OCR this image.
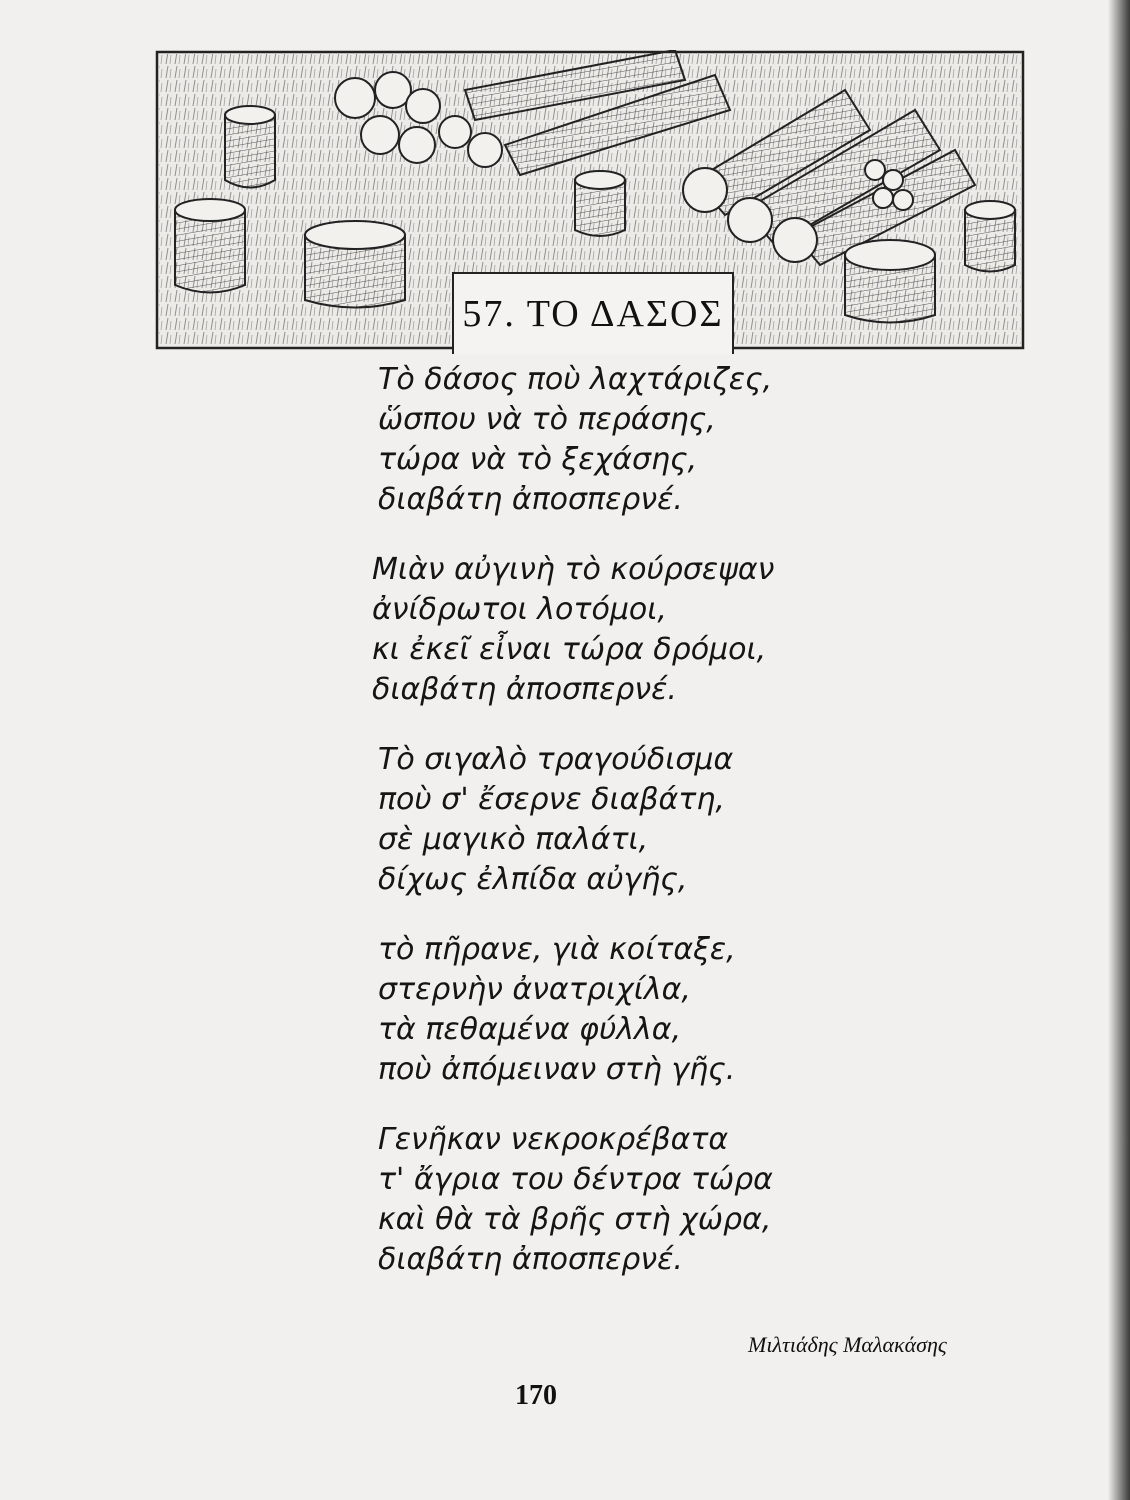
57. ΤΟ ΔΑΣΟΣ
Τὸ δάσος ποὺ λαχτάριζες,
ὥσπου νὰ τὸ περάσης,
τώρα νὰ τὸ ξεχάσης,
διαβάτη ἀποσπερνέ.
Μιὰν αὐγινὴ τὸ κούρσεψαν
ἀνίδρωτοι λοτόμοι,
κι ἐκεῖ εἶναι τώρα δρόμοι,
διαβάτη ἀποσπερνέ.
Τὸ σιγαλὸ τραγούδισμα
ποὺ σ' ἔσερνε διαβάτη,
σὲ μαγικὸ παλάτι,
δίχως ἐλπίδα αὐγῆς,
τὸ πῆρανε, γιὰ κοίταξε,
στερνὴν ἀνατριχίλα,
τὰ πεθαμένα φύλλα,
ποὺ ἀπόμειναν στὴ γῆς.
Γενῆκαν νεκροκρέβατα
τ' ἄγρια του δέντρα τώρα
καὶ θὰ τὰ βρῆς στὴ χώρα,
διαβάτη ἀποσπερνέ.
Μιλτιάδης Μαλακάσης
170
